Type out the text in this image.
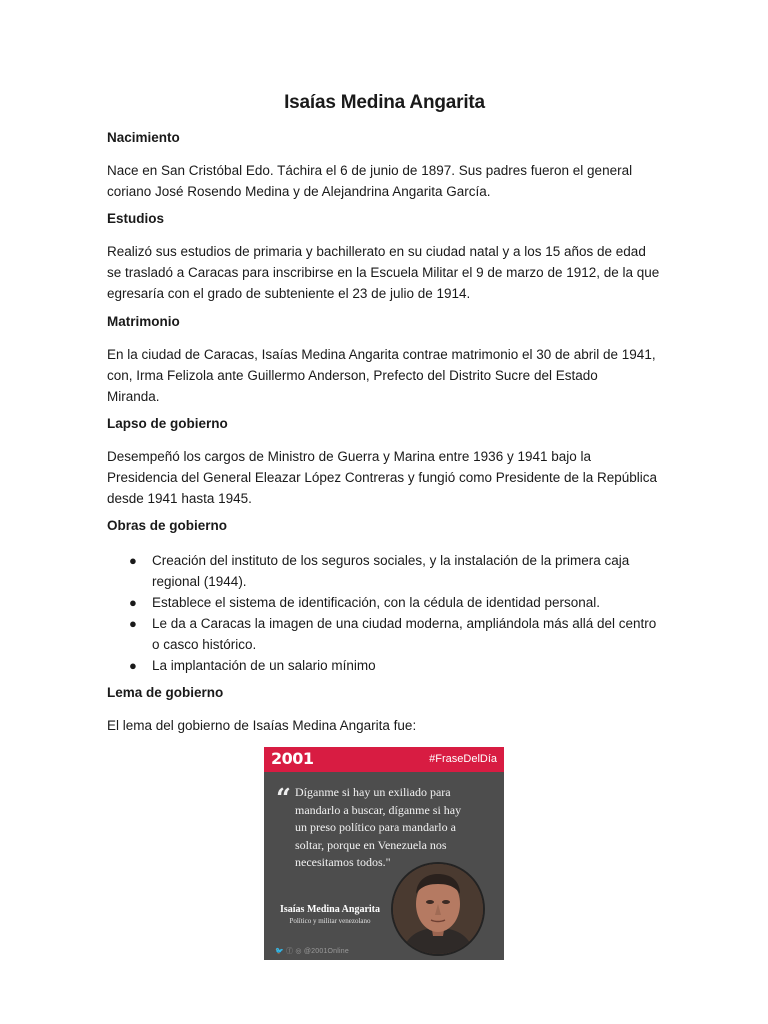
Isaías Medina Angarita

Nacimiento

Nace en San Cristóbal Edo. Táchira el 6 de junio de 1897. Sus padres fueron el general
coriano José Rosendo Medina y de Alejandrina Angarita García.

Estudios

Realizó sus estudios de primaria y bachillerato en su ciudad natal y a los 15 años de edad
se trasladó a Caracas para inscribirse en la Escuela Militar el 9 de marzo de 1912, de la que
egresaría con el grado de subteniente el 23 de julio de 1914.

Matrimonio

En la ciudad de Caracas, Isaías Medina Angarita contrae matrimonio el 30 de abril de 1941,
con, Irma Felizola ante Guillermo Anderson, Prefecto del Distrito Sucre del Estado
Miranda.

Lapso de gobierno

Desempeñó los cargos de Ministro de Guerra y Marina entre 1936 y 1941 bajo la
Presidencia del General Eleazar López Contreras y fungió como Presidente de la República
desde 1941 hasta 1945.

Obras de gobierno

● Creación del instituto de los seguros sociales, y la instalación de la primera caja
regional (1944).
● Establece el sistema de identificación, con la cédula de identidad personal.
● Le da a Caracas la imagen de una ciudad moderna, ampliándola más allá del centro
o casco histórico.
● La implantación de un salario mínimo

Lema de gobierno

El lema del gobierno de Isaías Medina Angarita fue:
2001	#FraseDelDía
“ Díganme si hay un exiliado para
mandarlo a buscar, díganme si hay
un preso político para mandarlo a
soltar, porque en Venezuela nos
necesitamos todos."
Isaías Medina Angarita
Político y militar venezolano
🐦 ⓕ ◎ @2001Online
